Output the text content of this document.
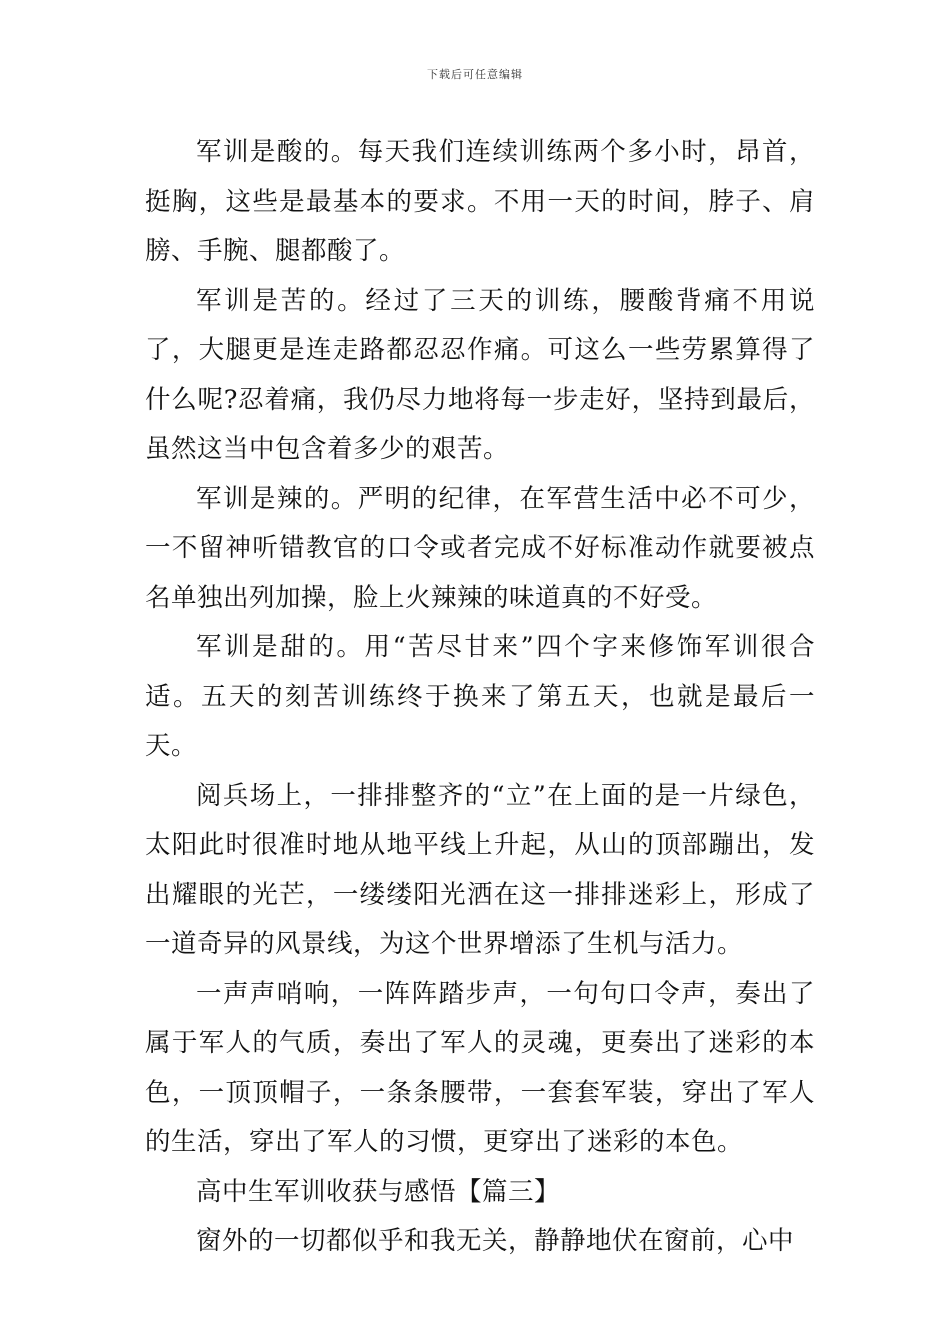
下载后可任意编辑

军训是酸的。每天我们连续训练两个多小时，昂首，挺胸，这些是最基本的要求。不用一天的时间，脖子、肩膀、手腕、腿都酸了。

军训是苦的。经过了三天的训练，腰酸背痛不用说了，大腿更是连走路都忍忍作痛。可这么一些劳累算得了什么呢?忍着痛，我仍尽力地将每一步走好，坚持到最后，虽然这当中包含着多少的艰苦。

军训是辣的。严明的纪律，在军营生活中必不可少，一不留神听错教官的口令或者完成不好标准动作就要被点名单独出列加操，脸上火辣辣的味道真的不好受。

军训是甜的。用“苦尽甘来”四个字来修饰军训很合适。五天的刻苦训练终于换来了第五天，也就是最后一天。

阅兵场上，一排排整齐的“立”在上面的是一片绿色，太阳此时很准时地从地平线上升起，从山的顶部蹦出，发出耀眼的光芒，一缕缕阳光洒在这一排排迷彩上，形成了一道奇异的风景线，为这个世界增添了生机与活力。

一声声哨响，一阵阵踏步声，一句句口令声，奏出了属于军人的气质，奏出了军人的灵魂，更奏出了迷彩的本色，一顶顶帽子，一条条腰带，一套套军装，穿出了军人的生活，穿出了军人的习惯，更穿出了迷彩的本色。

高中生军训收获与感悟【篇三】

窗外的一切都似乎和我无关，静静地伏在窗前，心中
